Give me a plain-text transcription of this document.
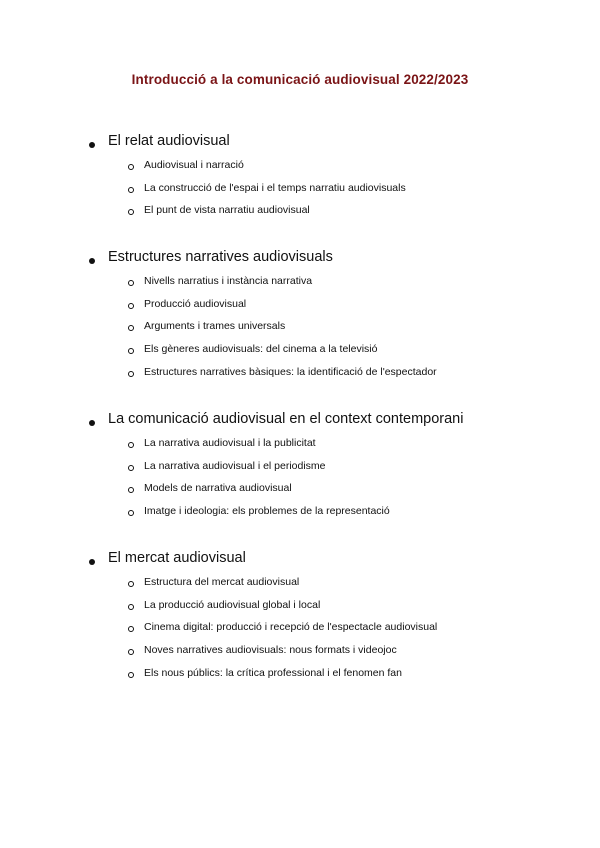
Introducció a la comunicació audiovisual 2022/2023
El relat audiovisual
Audiovisual i narració
La construcció de l'espai i el temps narratiu audiovisuals
El punt de vista narratiu audiovisual
Estructures narratives audiovisuals
Nivells narratius i instància narrativa
Producció audiovisual
Arguments i trames universals
Els gèneres audiovisuals: del cinema a la televisió
Estructures narratives bàsiques: la identificació de l'espectador
La comunicació audiovisual en el context contemporani
La narrativa audiovisual i la publicitat
La narrativa audiovisual i el periodisme
Models de narrativa audiovisual
Imatge i ideologia: els problemes de la representació
El mercat audiovisual
Estructura del mercat audiovisual
La producció audiovisual global i local
Cinema digital: producció i recepció de l'espectacle audiovisual
Noves narratives audiovisuals: nous formats i videojoc
Els nous públics: la crítica professional i el fenomen fan
